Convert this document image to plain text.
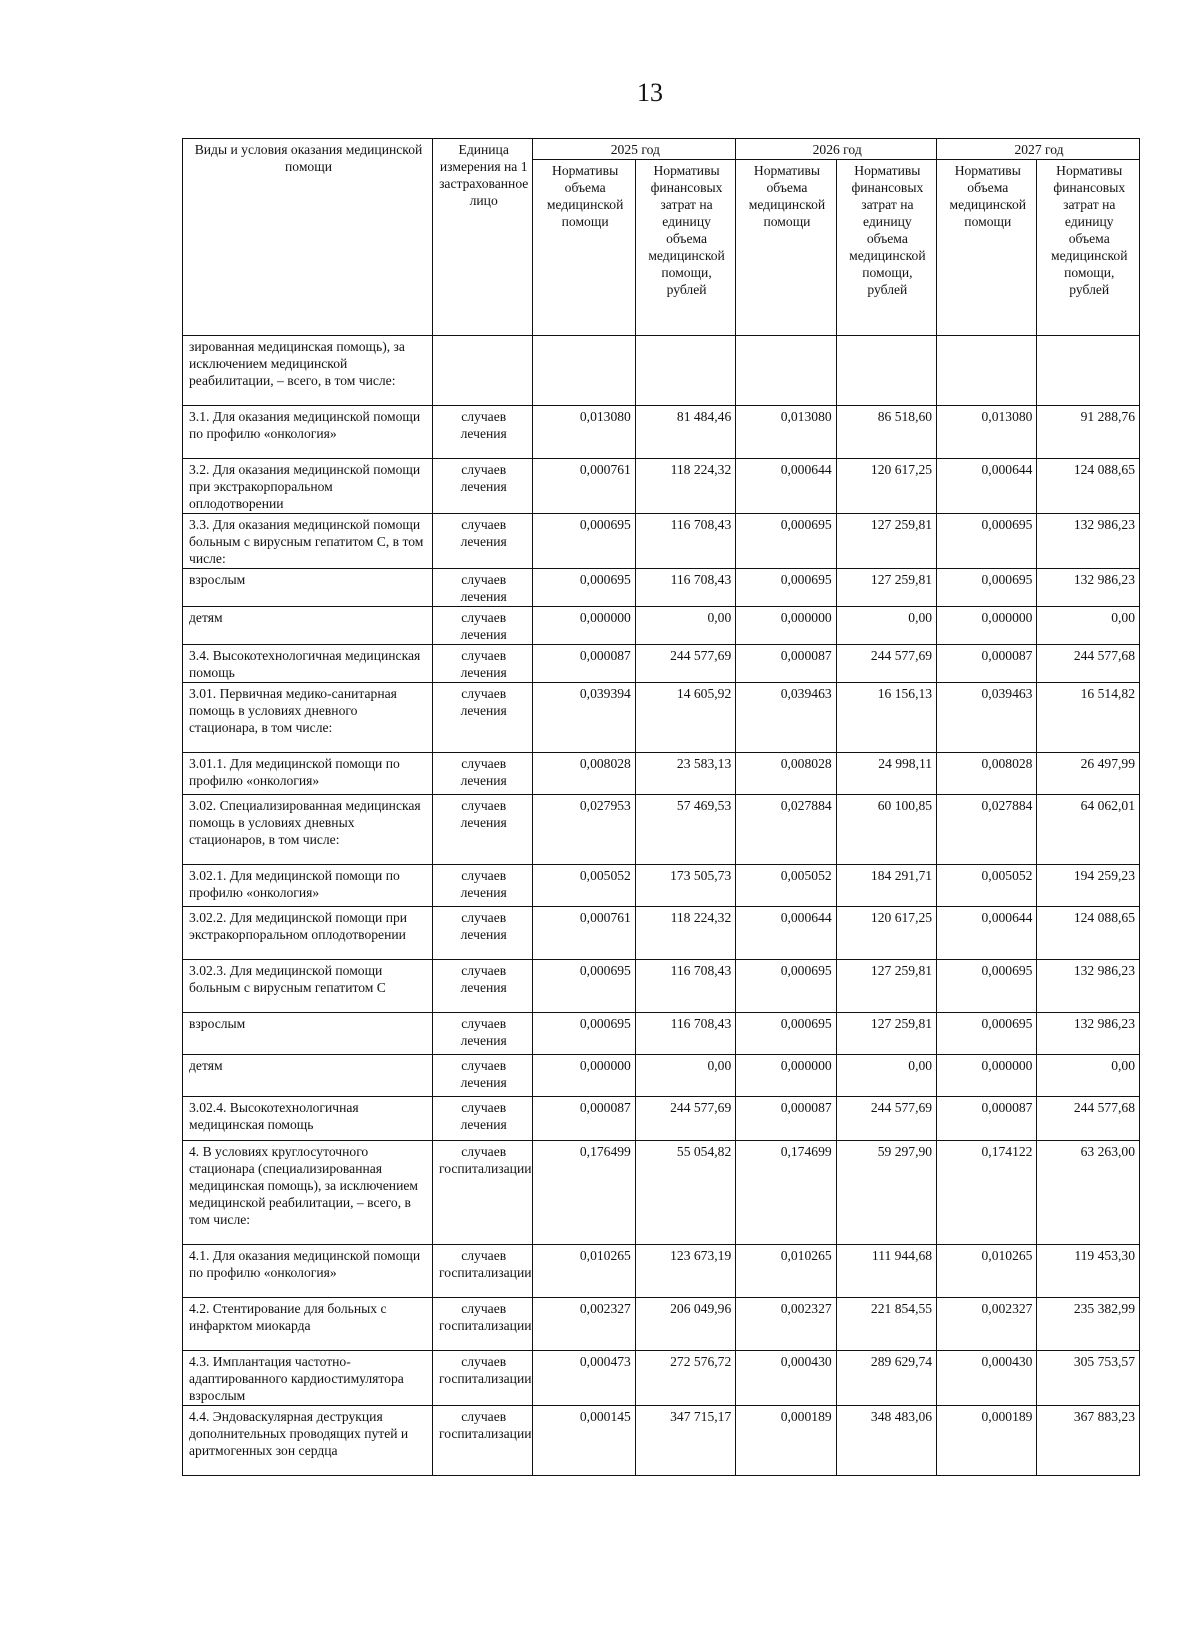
13
Виды и условия оказания медицинской помощи	Единица измерения на 1 застрахованное лицо	2025 год		2026 год		2027 год	
		Нормативы объема медицинской помощи	Нормативы финансовых затрат на единицу объема медицинской помощи, рублей	Нормативы объема медицинской помощи	Нормативы финансовых затрат на единицу объема медицинской помощи, рублей	Нормативы объема медицинской помощи	Нормативы финансовых затрат на единицу объема медицинской помощи, рублей
зированная медицинская помощь), за исключением медицинской реабилитации, – всего, в том числе:							
3.1. Для оказания медицинской помощи по профилю «онкология»	случаев лечения	0,013080	81 484,46	0,013080	86 518,60	0,013080	91 288,76
3.2. Для оказания медицинской помощи при экстракорпоральном оплодотворении	случаев лечения	0,000761	118 224,32	0,000644	120 617,25	0,000644	124 088,65
3.3. Для оказания медицинской помощи больным с вирусным гепатитом С, в том числе:	случаев лечения	0,000695	116 708,43	0,000695	127 259,81	0,000695	132 986,23
взрослым	случаев лечения	0,000695	116 708,43	0,000695	127 259,81	0,000695	132 986,23
детям	случаев лечения	0,000000	0,00	0,000000	0,00	0,000000	0,00
3.4. Высокотехнологичная медицинская помощь	случаев лечения	0,000087	244 577,69	0,000087	244 577,69	0,000087	244 577,68
3.01. Первичная медико-санитарная помощь в условиях дневного стационара, в том числе:	случаев лечения	0,039394	14 605,92	0,039463	16 156,13	0,039463	16 514,82
3.01.1. Для медицинской помощи по профилю «онкология»	случаев лечения	0,008028	23 583,13	0,008028	24 998,11	0,008028	26 497,99
3.02. Специализированная медицинская помощь в условиях дневных стационаров, в том числе:	случаев лечения	0,027953	57 469,53	0,027884	60 100,85	0,027884	64 062,01
3.02.1. Для медицинской помощи по профилю «онкология»	случаев лечения	0,005052	173 505,73	0,005052	184 291,71	0,005052	194 259,23
3.02.2. Для медицинской помощи при экстракорпоральном оплодотворении	случаев лечения	0,000761	118 224,32	0,000644	120 617,25	0,000644	124 088,65
3.02.3. Для медицинской помощи больным с вирусным гепатитом С	случаев лечения	0,000695	116 708,43	0,000695	127 259,81	0,000695	132 986,23
взрослым	случаев лечения	0,000695	116 708,43	0,000695	127 259,81	0,000695	132 986,23
детям	случаев лечения	0,000000	0,00	0,000000	0,00	0,000000	0,00
3.02.4. Высокотехнологичная медицинская помощь	случаев лечения	0,000087	244 577,69	0,000087	244 577,69	0,000087	244 577,68
4. В условиях круглосуточного стационара (специализированная медицинская помощь), за исключением медицинской реабилитации, – всего, в том числе:	случаев госпитализации	0,176499	55 054,82	0,174699	59 297,90	0,174122	63 263,00
4.1. Для оказания медицинской помощи по профилю «онкология»	случаев госпитализации	0,010265	123 673,19	0,010265	111 944,68	0,010265	119 453,30
4.2. Стентирование для больных с инфарктом миокарда	случаев госпитализации	0,002327	206 049,96	0,002327	221 854,55	0,002327	235 382,99
4.3. Имплантация частотно-адаптированного кардиостимулятора взрослым	случаев госпитализации	0,000473	272 576,72	0,000430	289 629,74	0,000430	305 753,57
4.4. Эндоваскулярная деструкция дополнительных проводящих путей и аритмогенных зон сердца	случаев госпитализации	0,000145	347 715,17	0,000189	348 483,06	0,000189	367 883,23
